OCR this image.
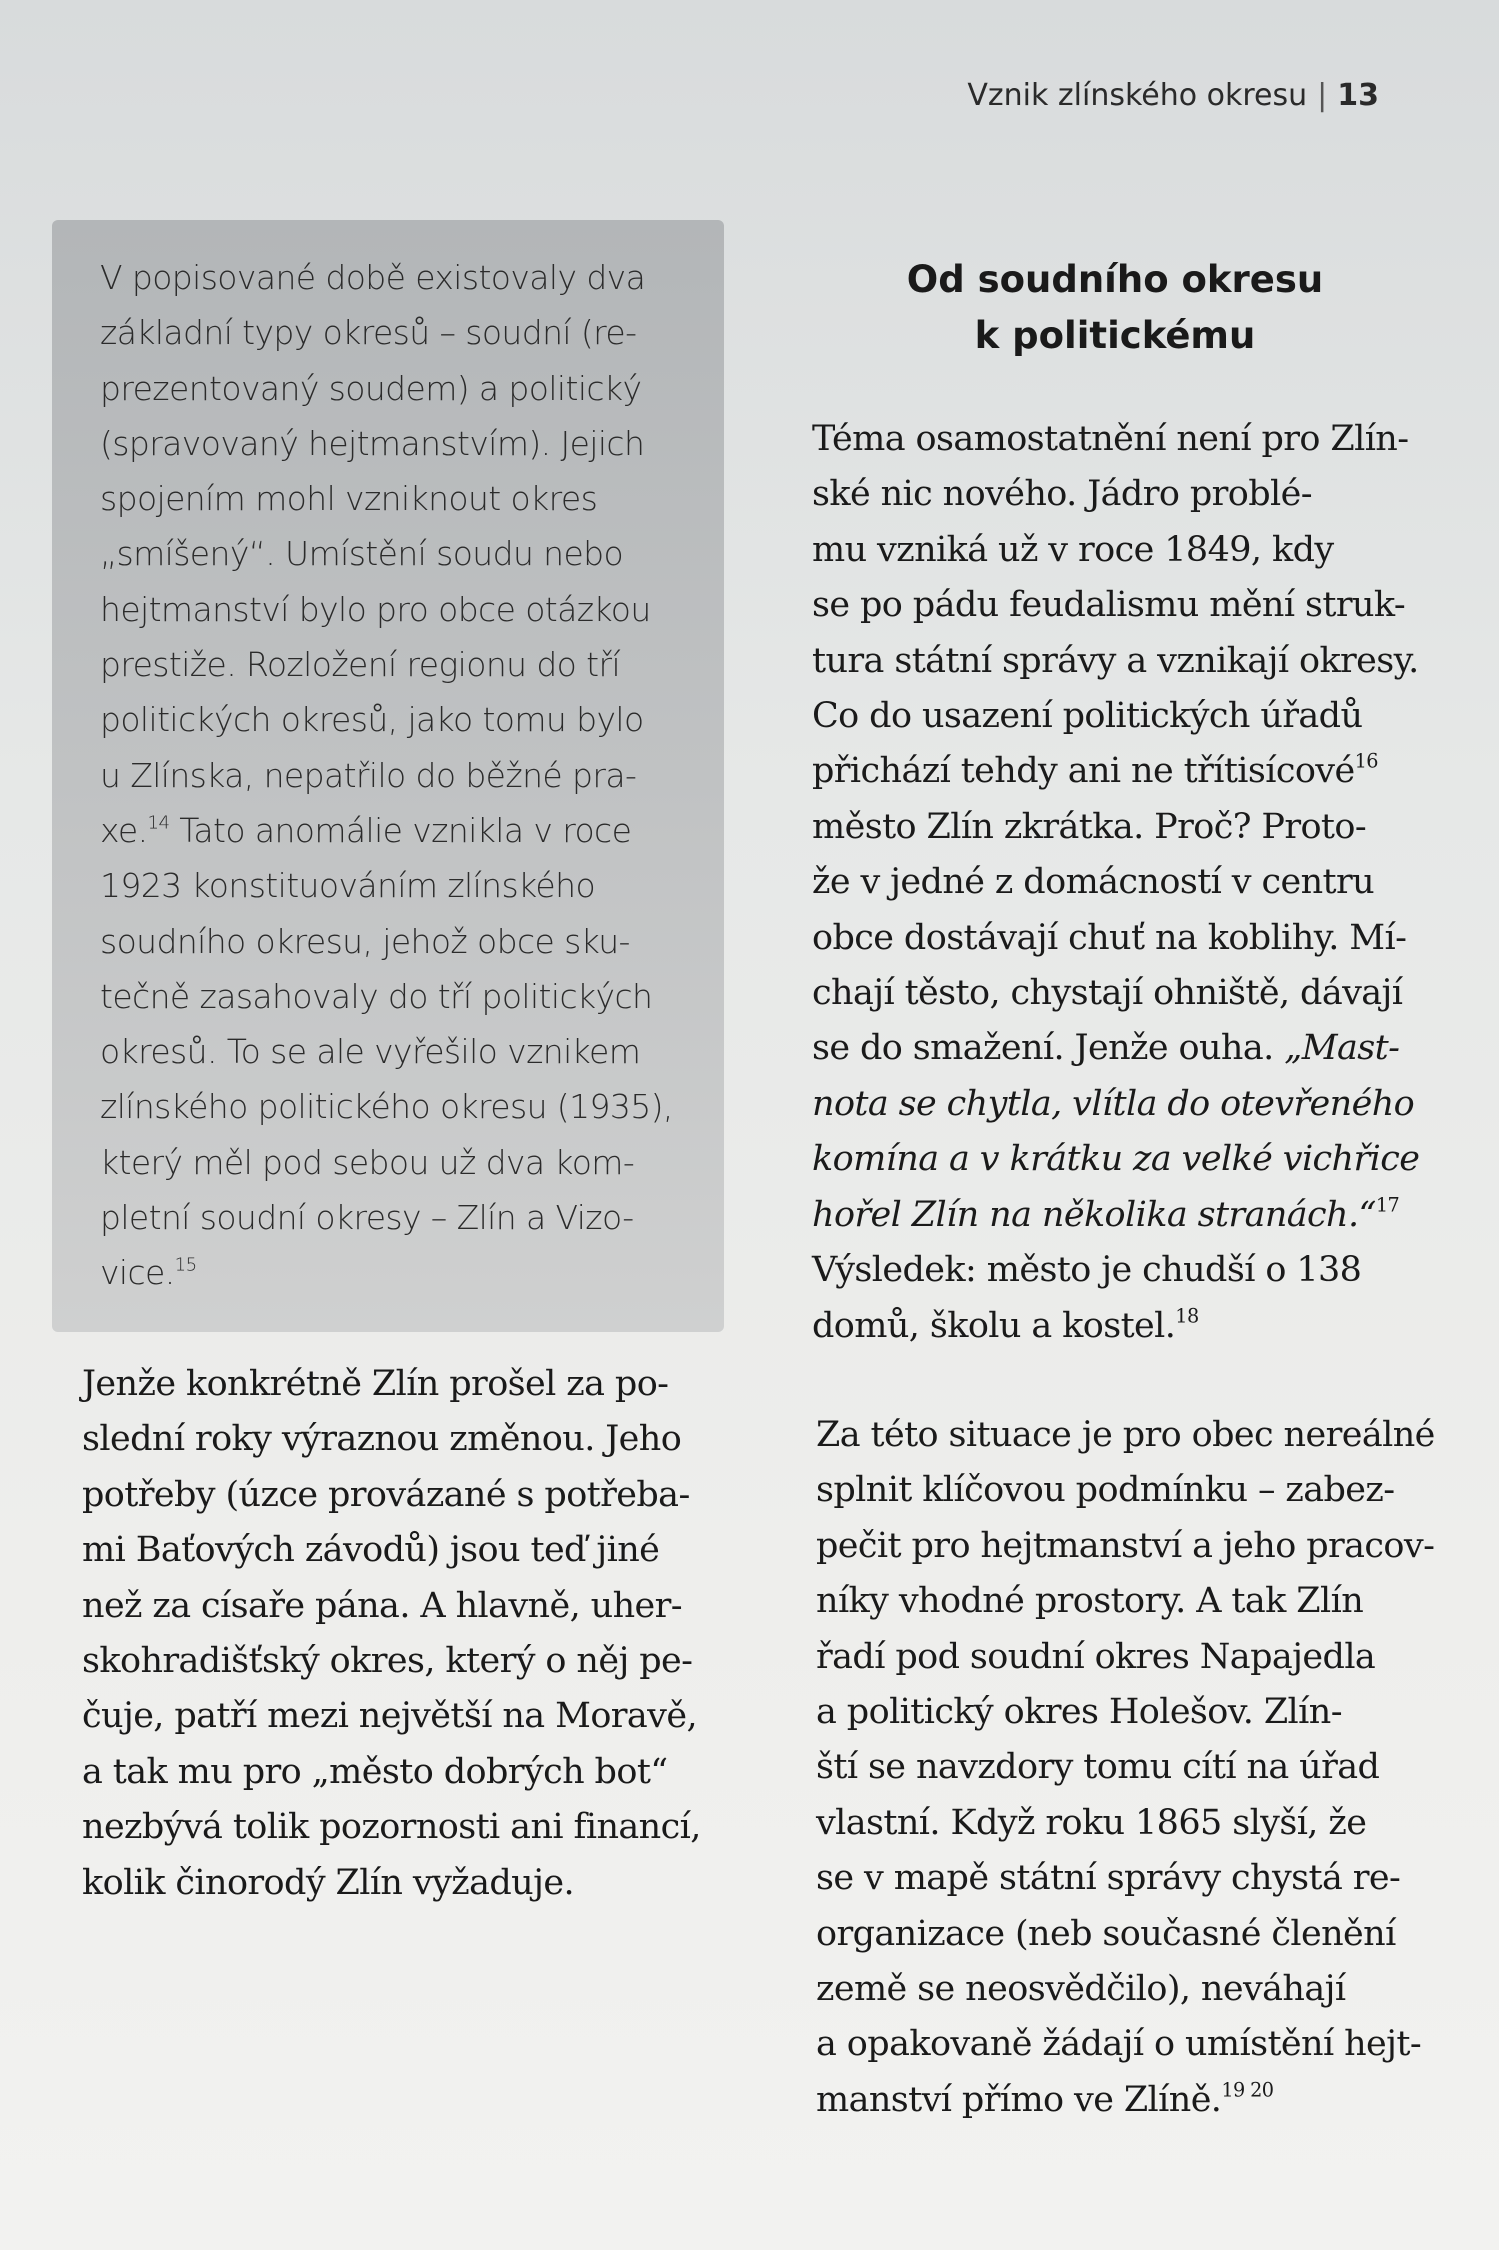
Vznik zlínského okresu | 13
V popisované době existovaly dva
základní typy okresů – soudní (re-
prezentovaný soudem) a politický
(spravovaný hejtmanstvím). Jejich
spojením mohl vzniknout okres
„smíšený“. Umístění soudu nebo
hejtmanství bylo pro obce otázkou
prestiže. Rozložení regionu do tří
politických okresů, jako tomu bylo
u Zlínska, nepatřilo do běžné pra-
xe.$^{14}$ Tato anomálie vznikla v roce
1923 konstituováním zlínského
soudního okresu, jehož obce sku-
tečně zasahovaly do tří politických
okresů. To se ale vyřešilo vznikem
zlínského politického okresu (1935),
který měl pod sebou už dva kom-
pletní soudní okresy – Zlín a Vizo-
vice.$^{15}$
Jenže konkrétně Zlín prošel za po-
slední roky výraznou změnou. Jeho
potřeby (úzce provázané s potřeba-
mi Baťových závodů) jsou teď jiné
než za císaře pána. A hlavně, uher-
skohradišťský okres, který o něj pe-
čuje, patří mezi největší na Moravě,
a tak mu pro „město dobrých bot“
nezbývá tolik pozornosti ani financí,
kolik činorodý Zlín vyžaduje.
Od soudního okresu
k politickému
Téma osamostatnění není pro Zlín-
ské nic nového. Jádro problé-
mu vzniká už v roce 1849, kdy
se po pádu feudalismu mění struk-
tura státní správy a vznikají okresy.
Co do usazení politických úřadů
přichází tehdy ani ne třítisícové$^{16}$
město Zlín zkrátka. Proč? Proto-
že v jedné z domácností v centru
obce dostávají chuť na koblihy. Mí-
chají těsto, chystají ohniště, dávají
se do smažení. Jenže ouha. „Mast-
nota se chytla, vlítla do otevřeného
komína a v krátku za velké vichřice
hořel Zlín na několika stranách.“$^{17}$
Výsledek: město je chudší o 138
domů, školu a kostel.$^{18}$
Za této situace je pro obec nereálné
splnit klíčovou podmínku – zabez-
pečit pro hejtmanství a jeho pracov-
níky vhodné prostory. A tak Zlín
řadí pod soudní okres Napajedla
a politický okres Holešov. Zlín-
ští se navzdory tomu cítí na úřad
vlastní. Když roku 1865 slyší, že
se v mapě státní správy chystá re-
organizace (neb současné členění
země se neosvědčilo), neváhají
a opakovaně žádají o umístění hejt-
manství přímo ve Zlíně.$^{19 20}$
